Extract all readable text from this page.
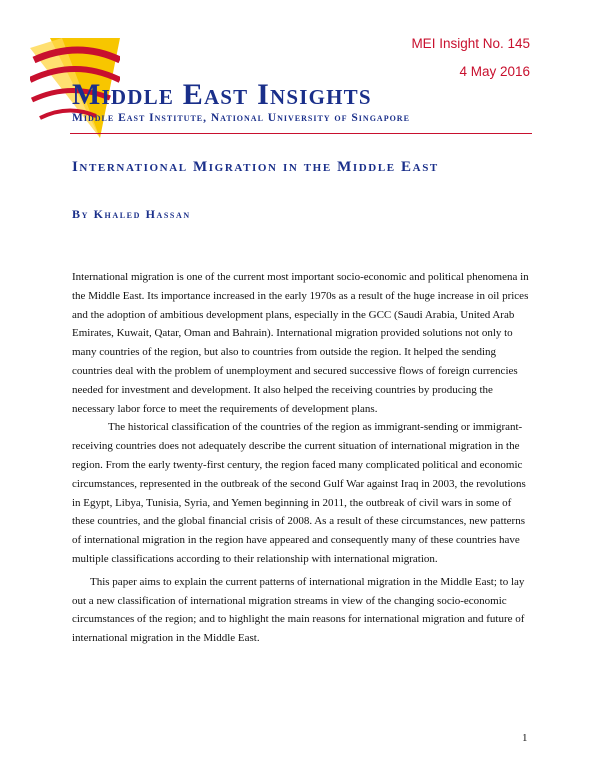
MEI Insight No. 145
4 May 2016
Middle East Insights
Middle East Institute, National University of Singapore
International Migration in the Middle East
By Khaled Hassan

International migration is one of the current most important socio-economic and political phenomena in the Middle East. Its importance increased in the early 1970s as a result of the huge increase in oil prices and the adoption of ambitious development plans, especially in the GCC (Saudi Arabia, United Arab Emirates, Kuwait, Qatar, Oman and Bahrain). International migration provided solutions not only to many countries of the region, but also to countries from outside the region. It helped the sending countries deal with the problem of unemployment and secured successive flows of foreign currencies needed for investment and development. It also helped the receiving countries by producing the necessary labor force to meet the requirements of development plans.

The historical classification of the countries of the region as immigrant-sending or immigrant-receiving countries does not adequately describe the current situation of international migration in the region. From the early twenty-first century, the region faced many complicated political and economic circumstances, represented in the outbreak of the second Gulf War against Iraq in 2003, the revolutions in Egypt, Libya, Tunisia, Syria, and Yemen beginning in 2011, the outbreak of civil wars in some of these countries, and the global financial crisis of 2008. As a result of these circumstances, new patterns of international migration in the region have appeared and consequently many of these countries have multiple classifications according to their relationship with international migration.

This paper aims to explain the current patterns of international migration in the Middle East; to lay out a new classification of international migration streams in view of the changing socio-economic circumstances of the region; and to highlight the main reasons for international migration and future of international migration in the Middle East.

1
